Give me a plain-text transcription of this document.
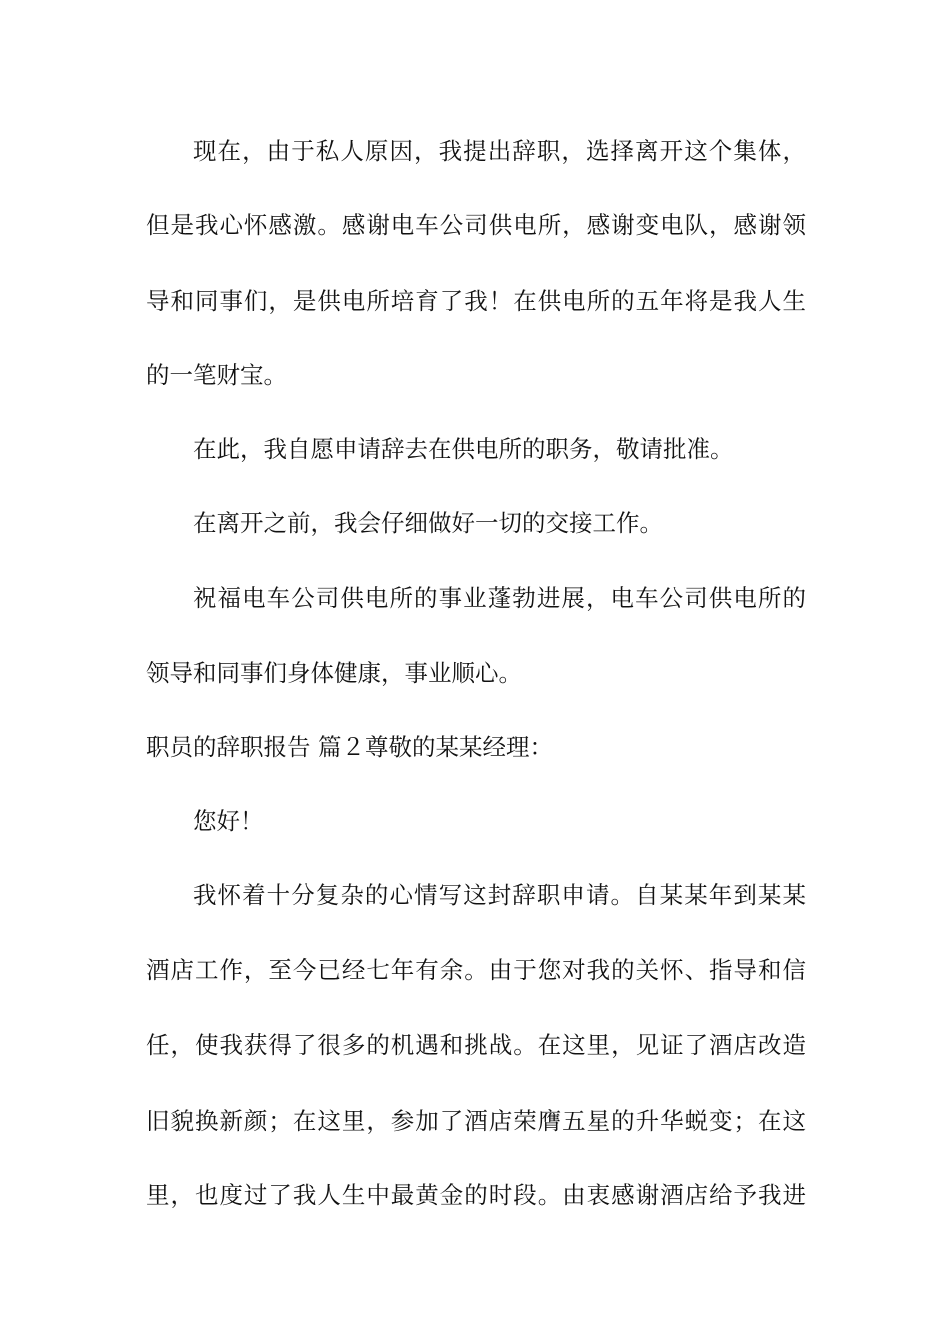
现在，由于私人原因，我提出辞职，选择离开这个集体，
但是我心怀感激。感谢电车公司供电所，感谢变电队，感谢领
导和同事们，是供电所培育了我！在供电所的五年将是我人生
的一笔财宝。
在此，我自愿申请辞去在供电所的职务，敬请批准。
在离开之前，我会仔细做好一切的交接工作。
祝福电车公司供电所的事业蓬勃进展，电车公司供电所的
领导和同事们身体健康，事业顺心。
职员的辞职报告 篇２尊敬的某某经理：
您好！
我怀着十分复杂的心情写这封辞职申请。自某某年到某某
酒店工作，至今已经七年有余。由于您对我的关怀、指导和信
任，使我获得了很多的机遇和挑战。在这里，见证了酒店改造
旧貌换新颜；在这里，参加了酒店荣膺五星的升华蜕变；在这
里，也度过了我人生中最黄金的时段。由衷感谢酒店给予我进
